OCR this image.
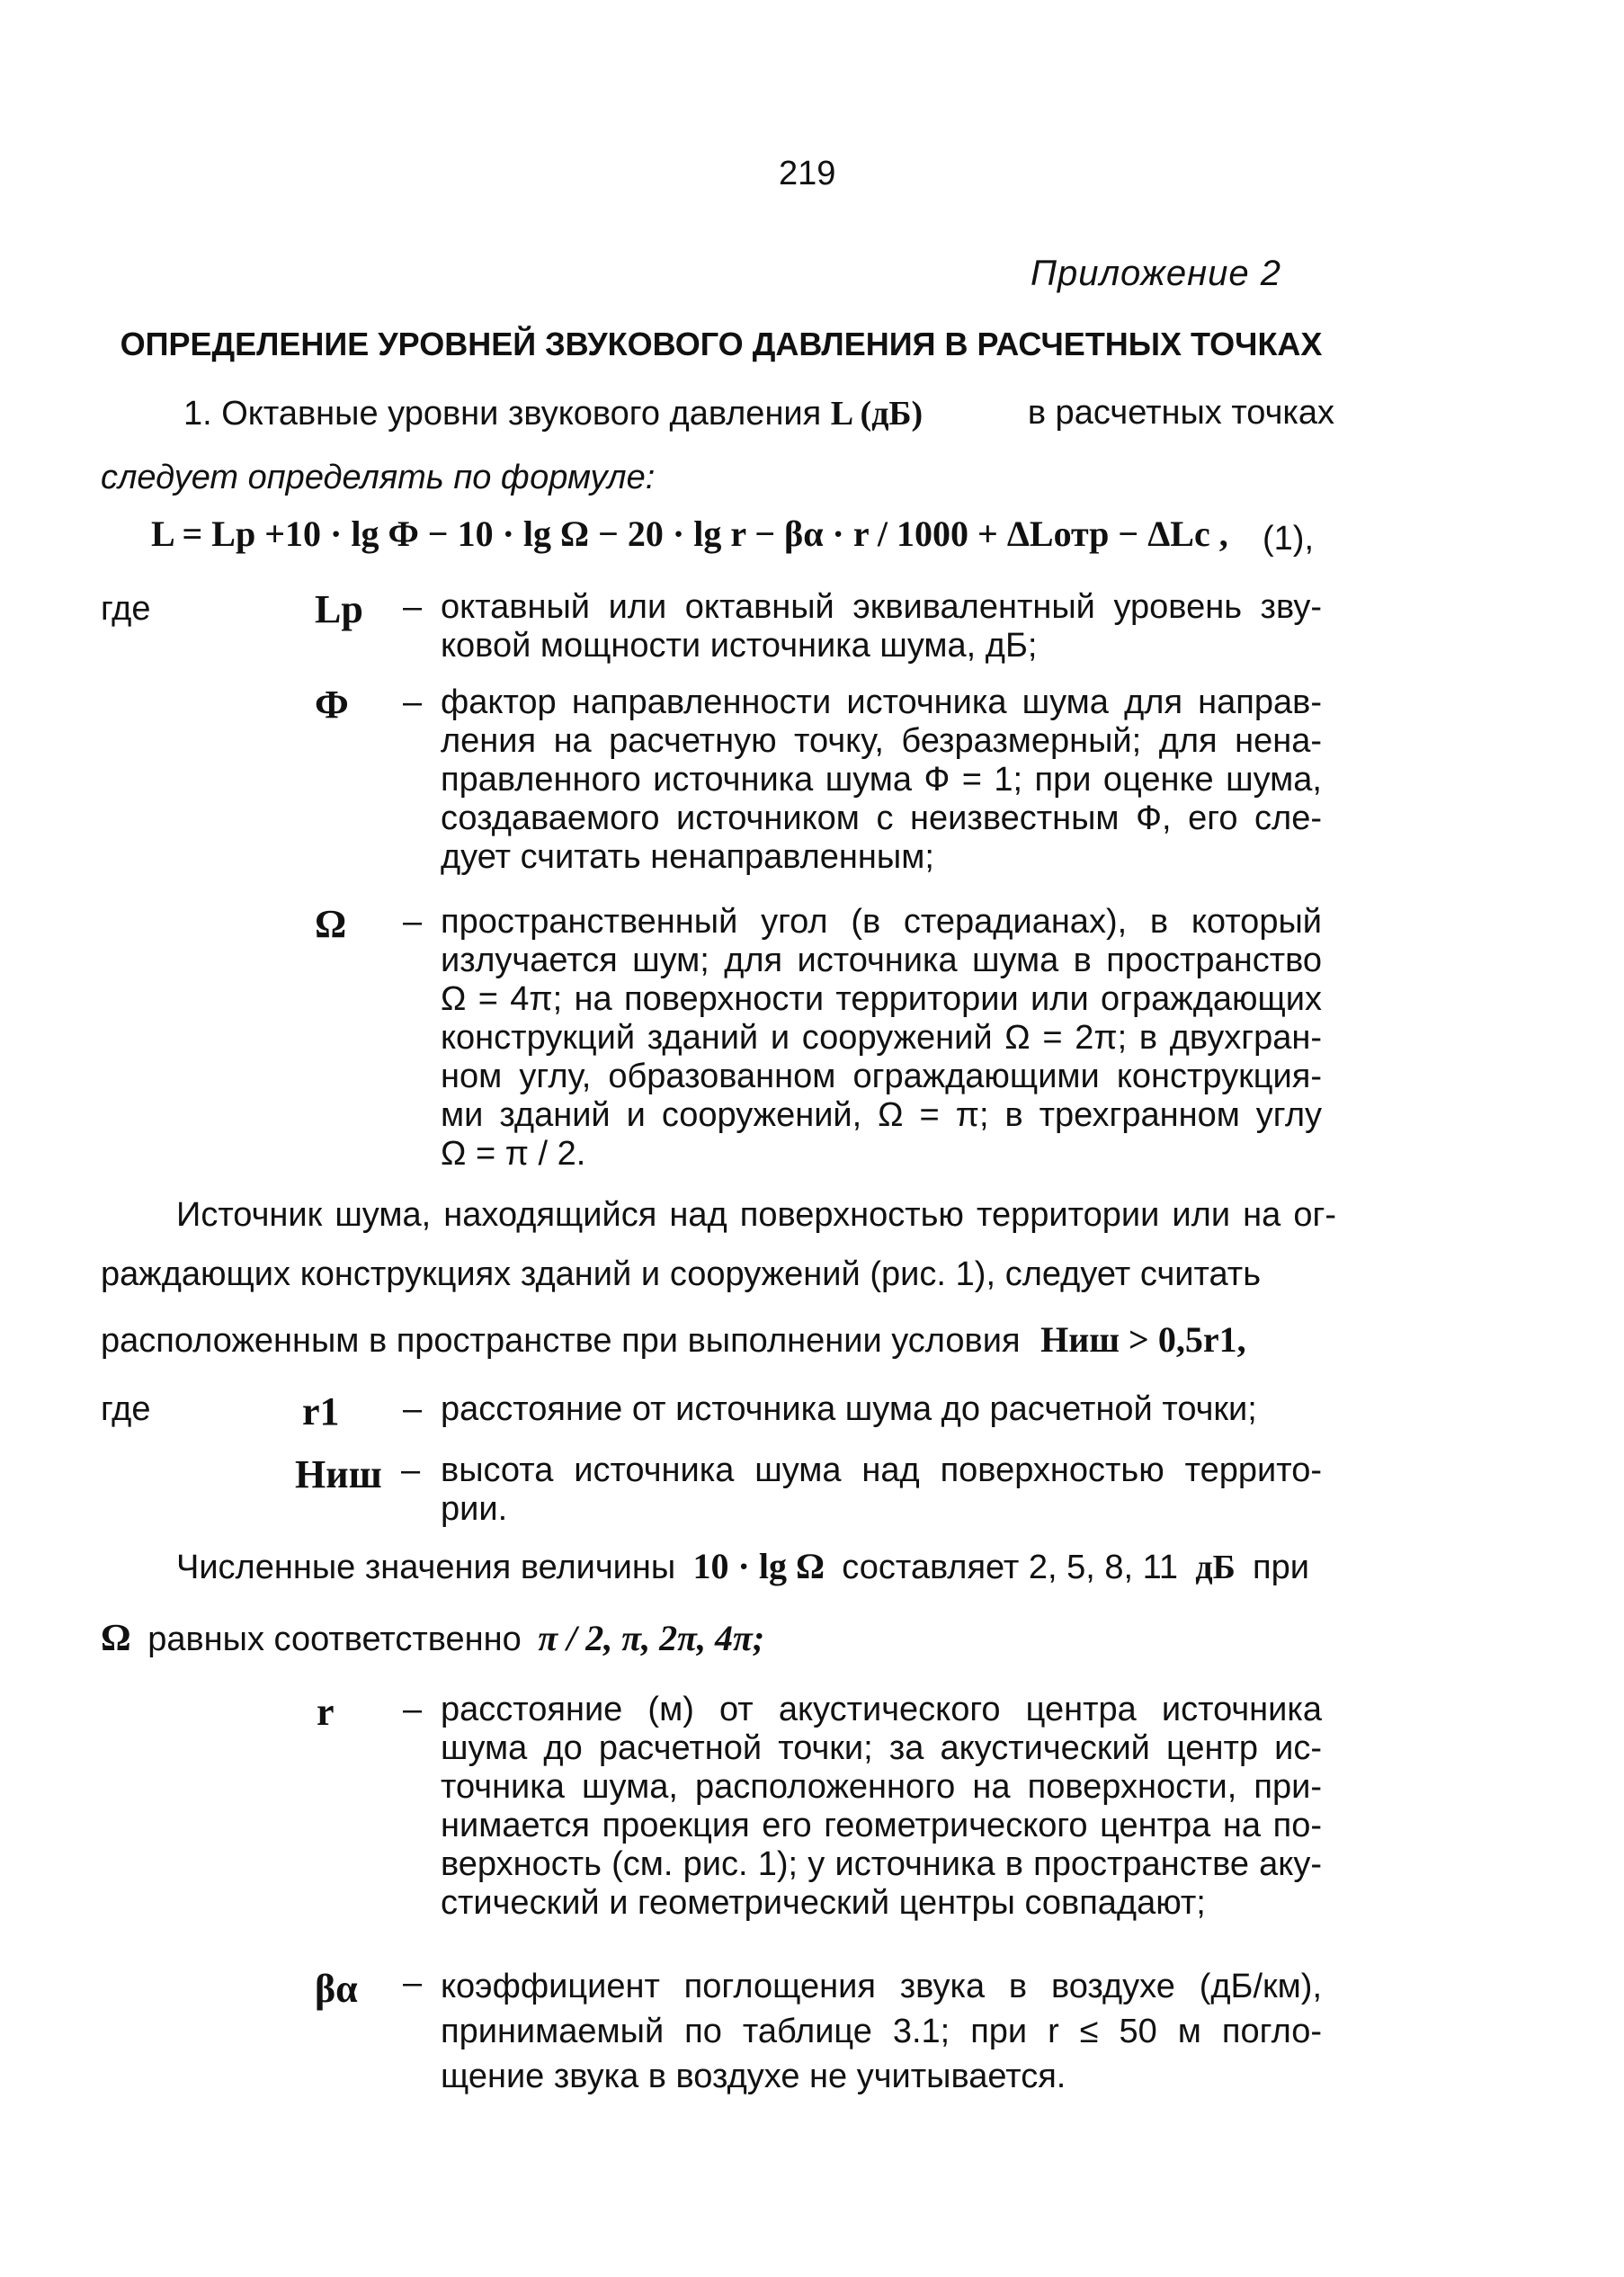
219
Приложение 2
ОПРЕДЕЛЕНИЕ УРОВНЕЙ ЗВУКОВОГО ДАВЛЕНИЯ В РАСЧЕТНЫХ ТОЧКАХ
1. Октавные уровни звукового давления L (дБ)	в расчетных точках
следует определять по формуле:
L = Lp +10 · lg Ф − 10 · lg Ω − 20 · lg r − βα · r / 1000 + ΔLотр − ΔLc , (1),
где	Lp – октавный или октавный эквивалентный уровень зву-
ковой мощности источника шума, дБ;
Ф – фактор направленности источника шума для направ-
ления на расчетную точку, безразмерный; для нена-
правленного источника шума Ф = 1; при оценке шума,
создаваемого источником с неизвестным Ф, его сле-
дует считать ненаправленным;
Ω – пространственный угол (в стерадианах), в который
излучается шум; для источника шума в пространство
Ω = 4π; на поверхности территории или ограждающих
конструкций зданий и сооружений Ω = 2π; в двухгран-
ном углу, образованном ограждающими конструкция-
ми зданий и сооружений, Ω = π; в трехгранном углу
Ω = π / 2.
Источник шума, находящийся над поверхностью территории или на ог-
раждающих конструкциях зданий и сооружений (рис. 1), следует считать
расположенным в пространстве при выполнении условия Hиш > 0,5r1,
где	r1 – расстояние от источника шума до расчетной точки;
Hиш – высота источника шума над поверхностью террито-
рии.
Численные значения величины 10 · lg Ω составляет 2, 5, 8, 11 дБ при
Ω равных соответственно π / 2, π, 2π, 4π;
r – расстояние (м) от акустического центра источника
шума до расчетной точки; за акустический центр ис-
точника шума, расположенного на поверхности, при-
нимается проекция его геометрического центра на по-
верхность (см. рис. 1); у источника в пространстве аку-
стический и геометрический центры совпадают;
βα – коэффициент поглощения звука в воздухе (дБ/км),
принимаемый по таблице 3.1; при r ≤ 50 м погло-
щение звука в воздухе не учитывается.
